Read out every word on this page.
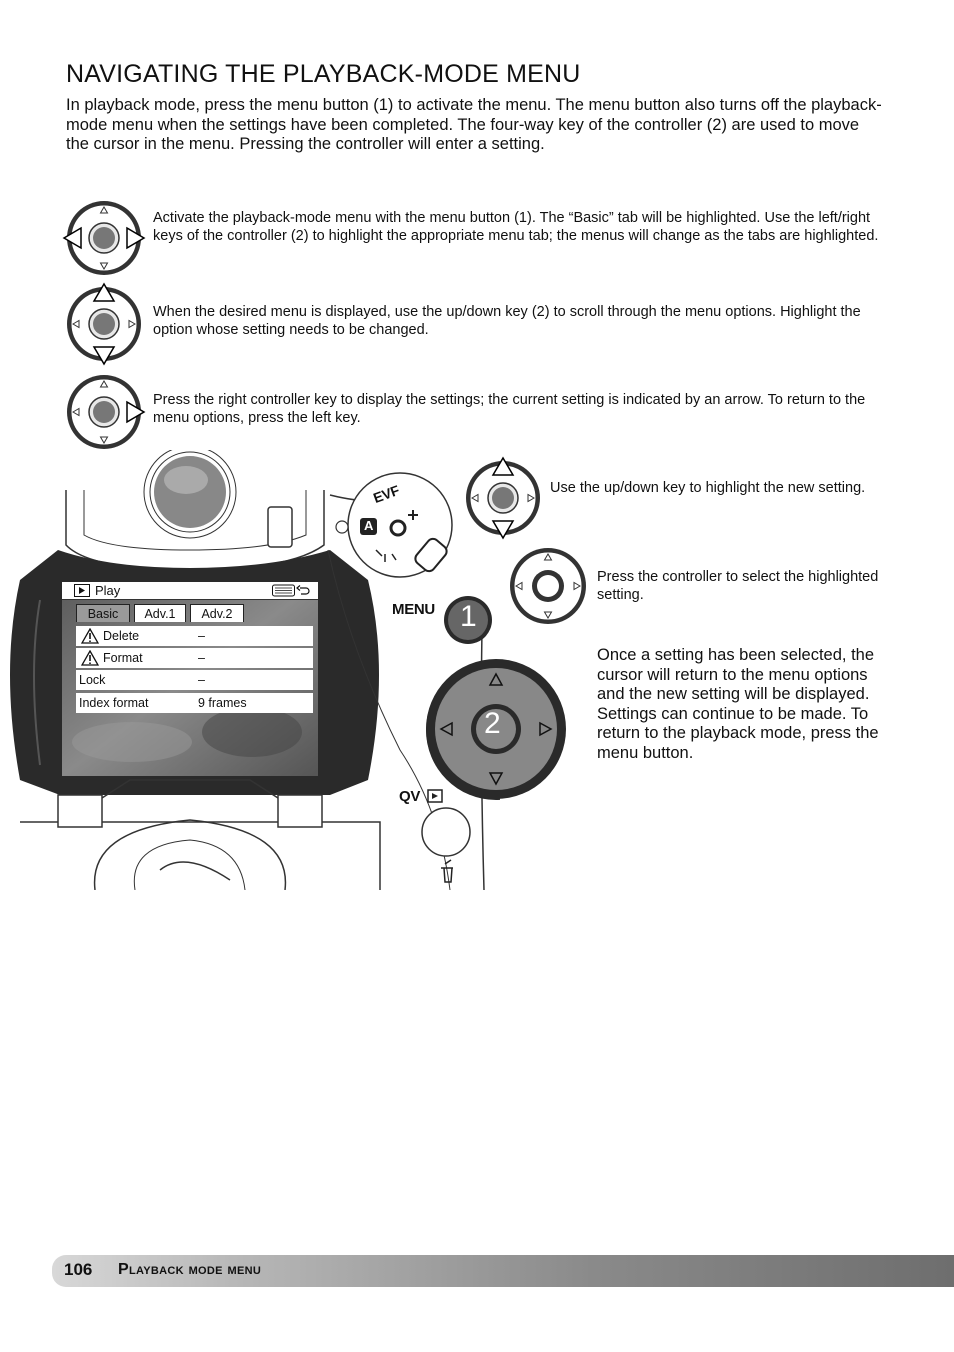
NAVIGATING THE PLAYBACK-MODE MENU

In playback mode, press the menu button (1) to activate the menu. The menu button also turns off the playback-mode menu when the settings have been completed. The four-way key of the controller (2) are used to move the cursor in the menu. Pressing the controller will enter a setting.

Activate the playback-mode menu with the menu button (1). The “Basic” tab will be highlighted. Use the left/right keys of the controller (2) to highlight the appropriate menu tab; the menus will change as the tabs are highlighted.

When the desired menu is displayed, use the up/down key (2) to scroll through the menu options. Highlight the option whose setting needs to be changed.

Press the right controller key to display the settings; the current setting is indicated by an arrow. To return to the menu options, press the left key.

Use the up/down key to highlight the new setting.

Press the controller to select the highlighted setting.

Once a setting has been selected, the cursor will return to the menu options and the new setting will be displayed. Settings can continue to be made. To return to the playback mode, press the menu button.

2
1
MENU
QV
EVF
A
Play
Basic	Adv.1	Adv.2
Delete	–
Format	–
Lock	–
Index format	9 frames
106 Playback mode menu
